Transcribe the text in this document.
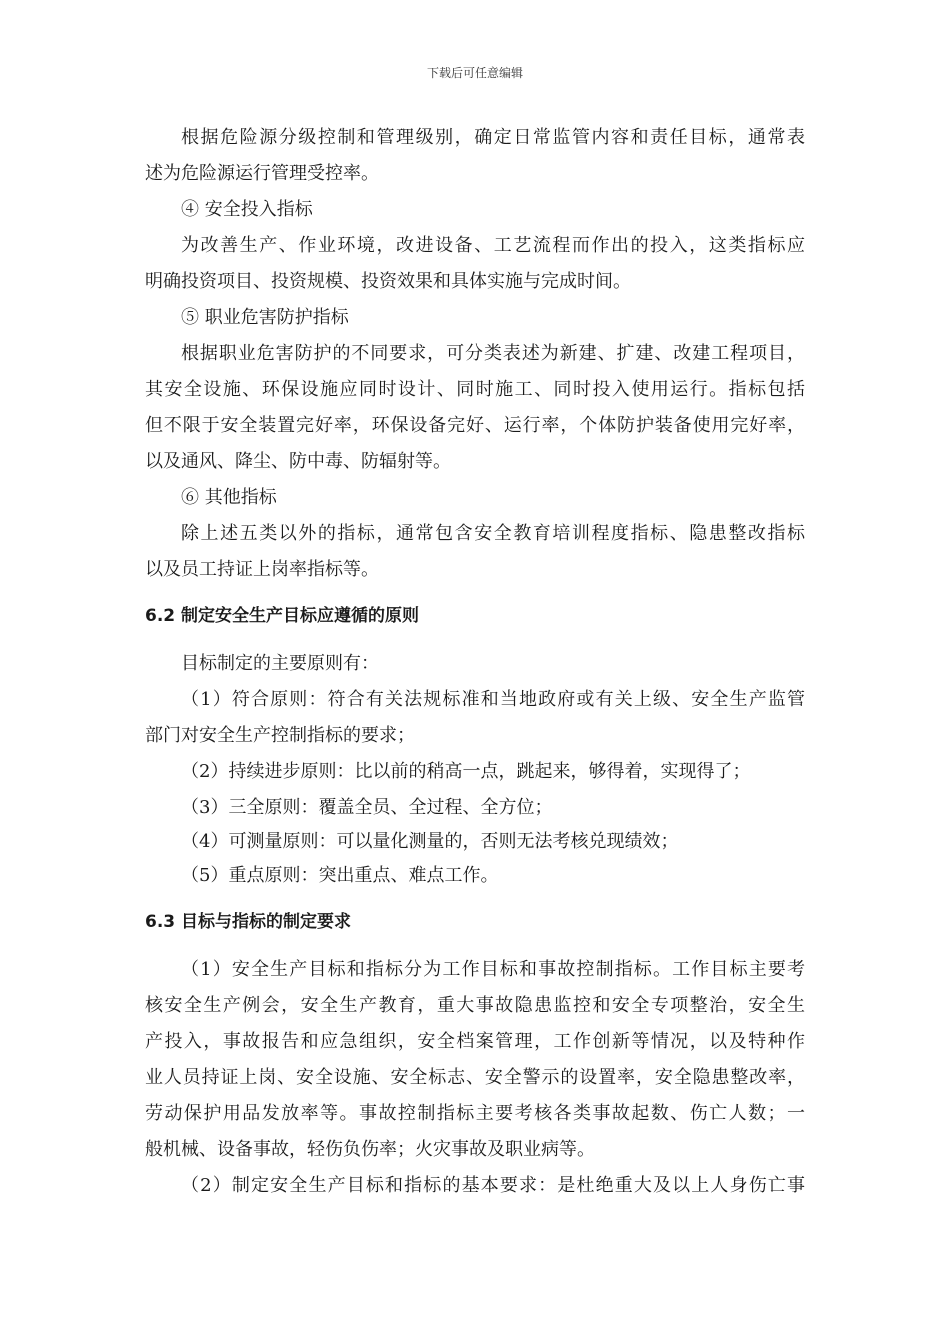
下载后可任意编辑
根据危险源分级控制和管理级别，确定日常监管内容和责任目标，通常表
述为危险源运行管理受控率。
④ 安全投入指标
为改善生产、作业环境，改进设备、工艺流程而作出的投入，这类指标应
明确投资项目、投资规模、投资效果和具体实施与完成时间。
⑤ 职业危害防护指标
根据职业危害防护的不同要求，可分类表述为新建、扩建、改建工程项目，
其安全设施、环保设施应同时设计、同时施工、同时投入使用运行。指标包括
但不限于安全装置完好率，环保设备完好、运行率，个体防护装备使用完好率，
以及通风、降尘、防中毒、防辐射等。
⑥ 其他指标
除上述五类以外的指标，通常包含安全教育培训程度指标、隐患整改指标
以及员工持证上岗率指标等。
6.2 制定安全生产目标应遵循的原则
目标制定的主要原则有：
（1）符合原则：符合有关法规标准和当地政府或有关上级、安全生产监管
部门对安全生产控制指标的要求；
（2）持续进步原则：比以前的稍高一点，跳起来，够得着，实现得了；
（3）三全原则：覆盖全员、全过程、全方位；
（4）可测量原则：可以量化测量的，否则无法考核兑现绩效；
（5）重点原则：突出重点、难点工作。
6.3 目标与指标的制定要求
（1）安全生产目标和指标分为工作目标和事故控制指标。工作目标主要考
核安全生产例会，安全生产教育，重大事故隐患监控和安全专项整治，安全生
产投入，事故报告和应急组织，安全档案管理，工作创新等情况，以及特种作
业人员持证上岗、安全设施、安全标志、安全警示的设置率，安全隐患整改率，
劳动保护用品发放率等。事故控制指标主要考核各类事故起数、伤亡人数；一
般机械、设备事故，轻伤负伤率；火灾事故及职业病等。
（2）制定安全生产目标和指标的基本要求：是杜绝重大及以上人身伤亡事
